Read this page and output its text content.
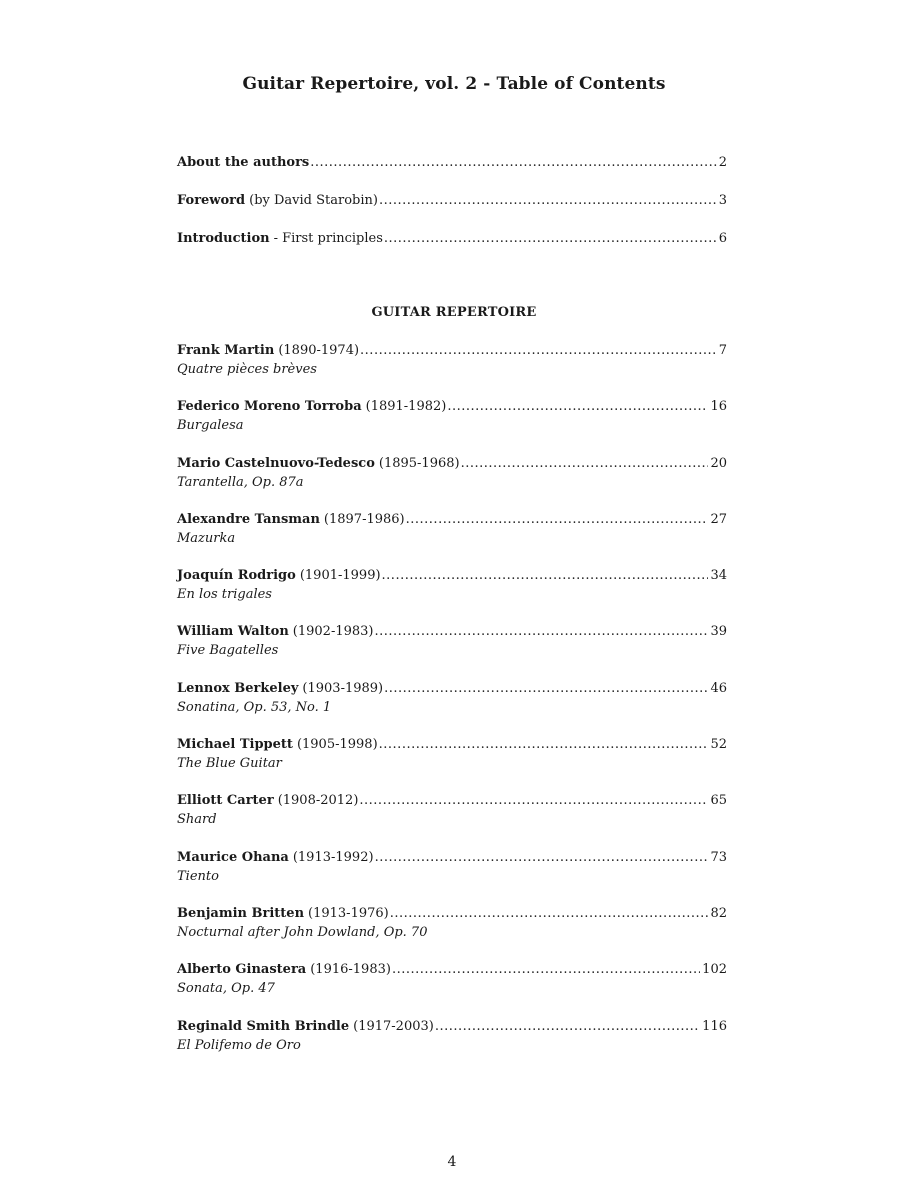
Guitar Repertoire, vol. 2 - Table of Contents
About the authors .....	2
Foreword (by David Starobin) .....	3
Introduction - First principles .....	6
GUITAR REPERTOIRE
Frank Martin (1890-1974) .....	7
Quatre pièces brèves
Federico Moreno Torroba (1891-1982) .....	16
Burgalesa
Mario Castelnuovo-Tedesco (1895-1968) .....	20
Tarantella, Op. 87a
Alexandre Tansman (1897-1986) .....	27
Mazurka
Joaquín Rodrigo (1901-1999) .....	34
En los trigales
William Walton (1902-1983) .....	39
Five Bagatelles
Lennox Berkeley (1903-1989) .....	46
Sonatina, Op. 53, No. 1
Michael Tippett (1905-1998) .....	52
The Blue Guitar
Elliott Carter (1908-2012) .....	65
Shard
Maurice Ohana (1913-1992) .....	73
Tiento
Benjamin Britten (1913-1976) .....	82
Nocturnal after John Dowland, Op. 70
Alberto Ginastera (1916-1983) .....	102
Sonata, Op. 47
Reginald Smith Brindle (1917-2003) .....	116
El Polifemo de Oro
4
